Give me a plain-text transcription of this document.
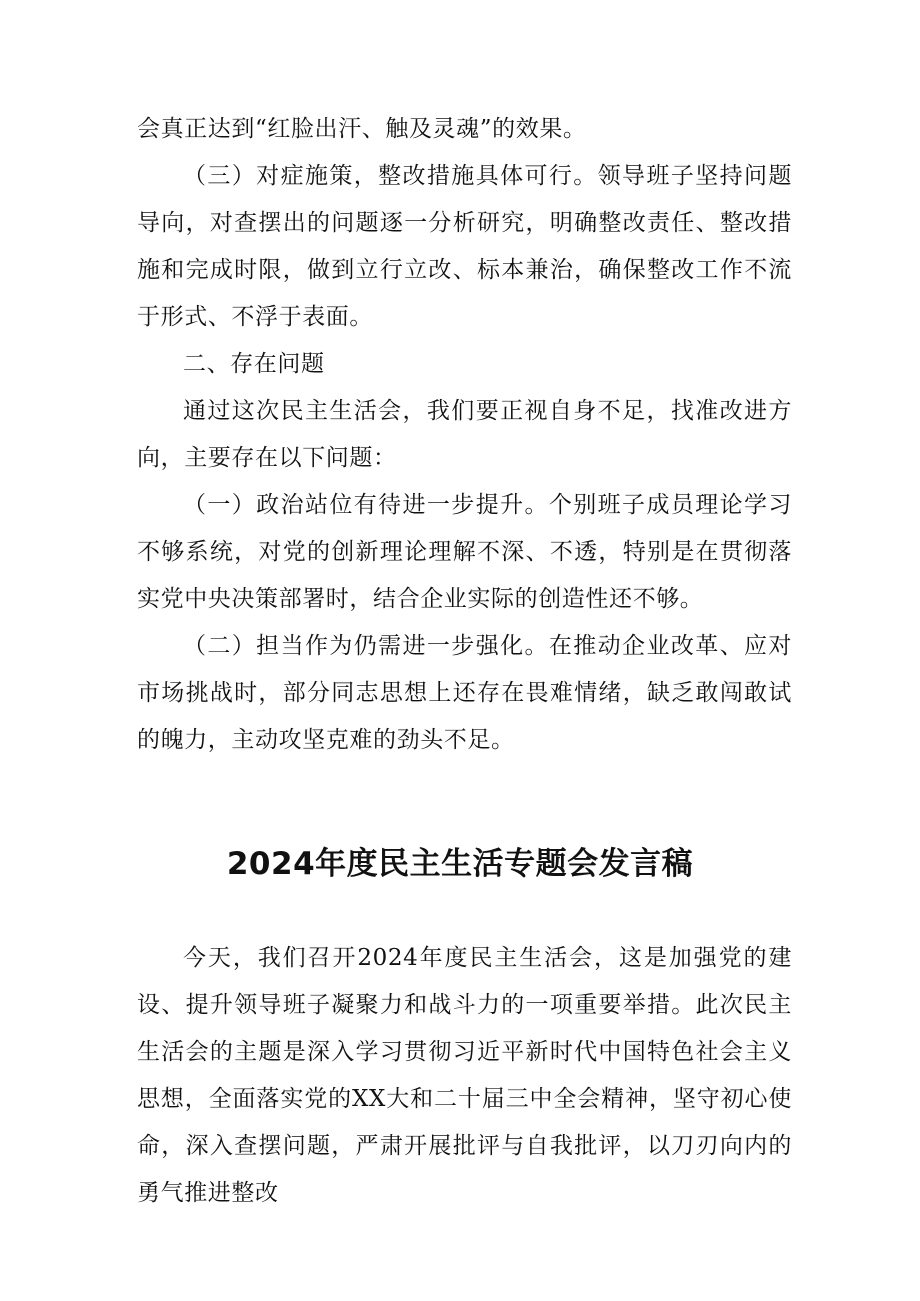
会真正达到“红脸出汗、触及灵魂”的效果。

（三）对症施策，整改措施具体可行。领导班子坚持问题导向，对查摆出的问题逐一分析研究，明确整改责任、整改措施和完成时限，做到立行立改、标本兼治，确保整改工作不流于形式、不浮于表面。

二、存在问题

通过这次民主生活会，我们要正视自身不足，找准改进方向，主要存在以下问题：

（一）政治站位有待进一步提升。个别班子成员理论学习不够系统，对党的创新理论理解不深、不透，特别是在贯彻落实党中央决策部署时，结合企业实际的创造性还不够。

（二）担当作为仍需进一步强化。在推动企业改革、应对市场挑战时，部分同志思想上还存在畏难情绪，缺乏敢闯敢试的魄力，主动攻坚克难的劲头不足。

2024年度民主生活专题会发言稿

今天，我们召开2024年度民主生活会，这是加强党的建设、提升领导班子凝聚力和战斗力的一项重要举措。此次民主生活会的主题是深入学习贯彻习近平新时代中国特色社会主义思想，全面落实党的XX大和二十届三中全会精神，坚守初心使命，深入查摆问题，严肃开展批评与自我批评，以刀刃向内的勇气推进整改
